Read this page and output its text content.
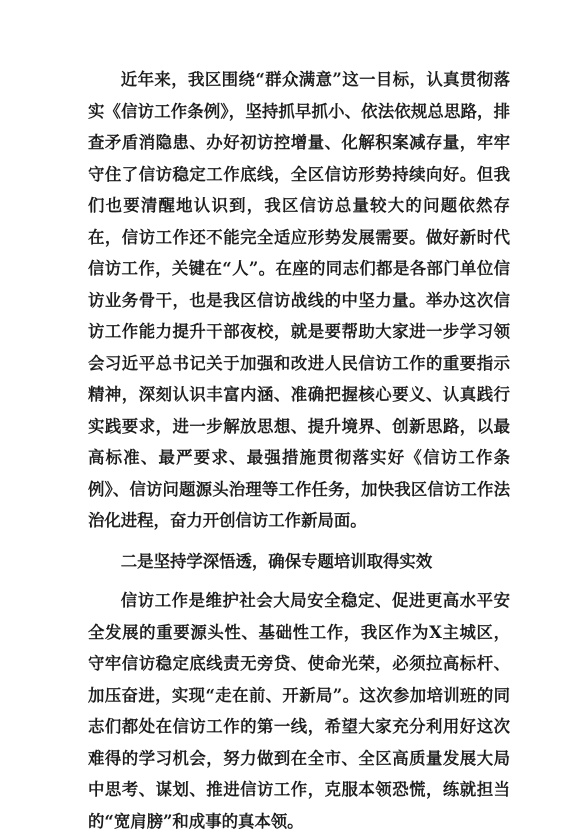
近年来，我区围绕“群众满意”这一目标，认真贯彻落实《信访工作条例》，坚持抓早抓小、依法依规总思路，排查矛盾消隐患、办好初访控增量、化解积案减存量，牢牢守住了信访稳定工作底线，全区信访形势持续向好。但我们也要清醒地认识到，我区信访总量较大的问题依然存在，信访工作还不能完全适应形势发展需要。做好新时代信访工作，关键在“人”。在座的同志们都是各部门单位信访业务骨干，也是我区信访战线的中坚力量。举办这次信访工作能力提升干部夜校，就是要帮助大家进一步学习领会习近平总书记关于加强和改进人民信访工作的重要指示精神，深刻认识丰富内涵、准确把握核心要义、认真践行实践要求，进一步解放思想、提升境界、创新思路，以最高标准、最严要求、最强措施贯彻落实好《信访工作条例》、信访问题源头治理等工作任务，加快我区信访工作法治化进程，奋力开创信访工作新局面。

二是坚持学深悟透，确保专题培训取得实效

信访工作是维护社会大局安全稳定、促进更高水平安全发展的重要源头性、基础性工作，我区作为X主城区，守牢信访稳定底线责无旁贷、使命光荣，必须拉高标杆、加压奋进，实现“走在前、开新局”。这次参加培训班的同志们都处在信访工作的第一线，希望大家充分利用好这次难得的学习机会，努力做到在全市、全区高质量发展大局中思考、谋划、推进信访工作，克服本领恐慌，练就担当的“宽肩膀”和成事的真本领。
